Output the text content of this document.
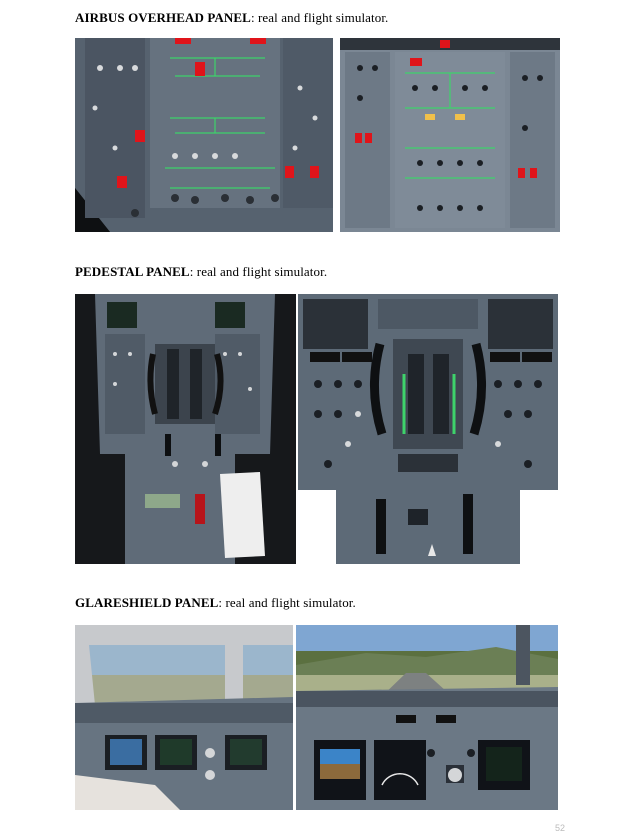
AIRBUS OVERHEAD PANEL: real and flight simulator.
PEDESTAL PANEL: real and flight simulator.
GLARESHIELD PANEL: real and flight simulator.
52
